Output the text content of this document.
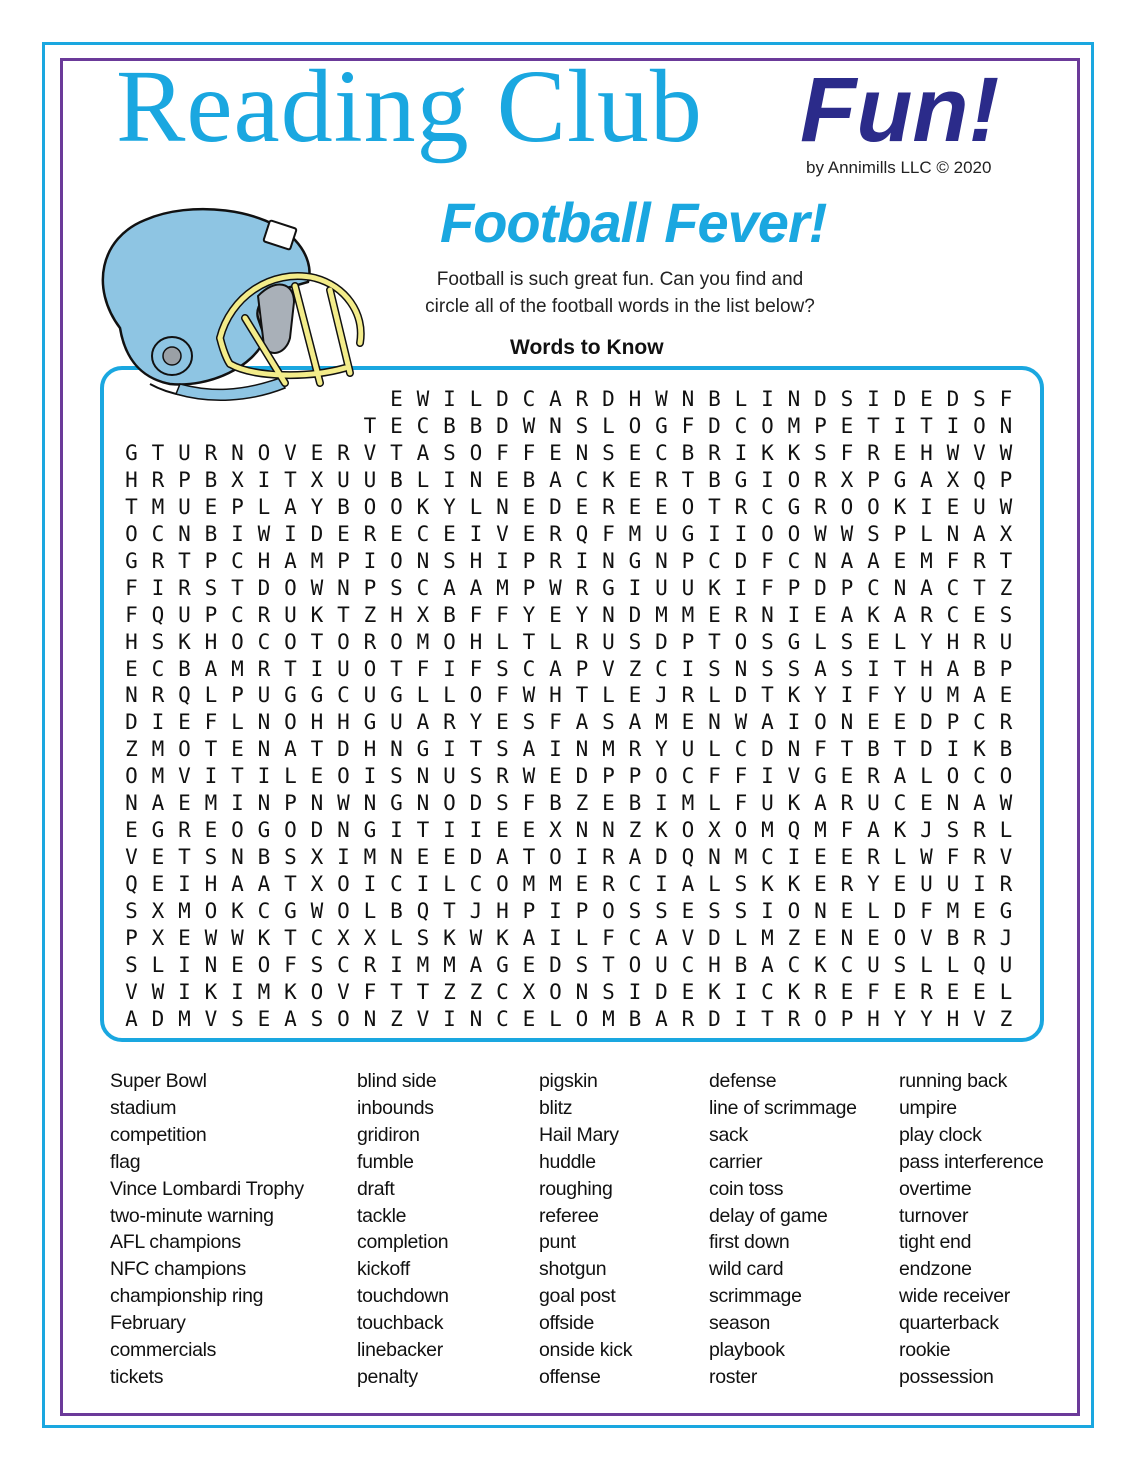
Reading Club Fun!
by Annimills LLC © 2020
Football Fever!
Football is such great fun. Can you find and circle all of the football words in the list below?
Words to Know
E W I L D C A R D H W N B L I N D S I D E D S F
T E C B B D W N S L O G F D C O M P E T I T I O N
G T U R N O V E R V T A S O F F E N S E C B R I K K S F R E H W V W
H R P B X I T X U U B L I N E B A C K E R T B G I O R X P G A X Q P
T M U E P L A Y B O O K Y L N E D E R E E O T R C G R O O K I E U W
O C N B I W I D E R E C E I V E R Q F M U G I I O O W W S P L N A X
G R T P C H A M P I O N S H I P R I N G N P C D F C N A A E M F R T
F I R S T D O W N P S C A A M P W R G I U U K I F P D P C N A C T Z
F Q U P C R U K T Z H X B F F Y E Y N D M M E R N I E A K A R C E S
H S K H O C O T O R O M O H L T L R U S D P T O S G L S E L Y H R U
E C B A M R T I U O T F I F S C A P V Z C I S N S S A S I T H A B P
N R Q L P U G G C U G L L O F W H T L E J R L D T K Y I F Y U M A E
D I E F L N O H H G U A R Y E S F A S A M E N W A I O N E E D P C R
Z M O T E N A T D H N G I T S A I N M R Y U L C D N F T B T D I K B
O M V I T I L E O I S N U S R W E D P P O C F F I V G E R A L O C O
N A E M I N P N W N G N O D S F B Z E B I M L F U K A R U C E N A W
E G R E O G O D N G I T I I E E X N N Z K O X O M Q M F A K J S R L
V E T S N B S X I M N E E D A T O I R A D Q N M C I E E R L W F R V
Q E I H A A T X O I C I L C O M M E R C I A L S K K E R Y E U U I R
S X M O K C G W O L B Q T J H P I P O S S E S S I O N E L D F M E G
P X E W W K T C X X L S K W K A I L F C A V D L M Z E N E O V B R J
S L I N E O F S C R I M M A G E D S T O U C H B A C K C U S L L Q U
V W I K I M K O V F T T Z Z C X O N S I D E K I C K R E F E R E E L
A D M V S E A S O N Z V I N C E L O M B A R D I T R O P H Y Y H V Z
Super Bowl
stadium
competition
flag
Vince Lombardi Trophy
two-minute warning
AFL champions
NFC champions
championship ring
February
commercials
tickets
blind side
inbounds
gridiron
fumble
draft
tackle
completion
kickoff
touchdown
touchback
linebacker
penalty
pigskin
blitz
Hail Mary
huddle
roughing
referee
punt
shotgun
goal post
offside
onside kick
offense
defense
line of scrimmage
sack
carrier
coin toss
delay of game
first down
wild card
scrimmage
season
playbook
roster
running back
umpire
play clock
pass interference
overtime
turnover
tight end
endzone
wide receiver
quarterback
rookie
possession
